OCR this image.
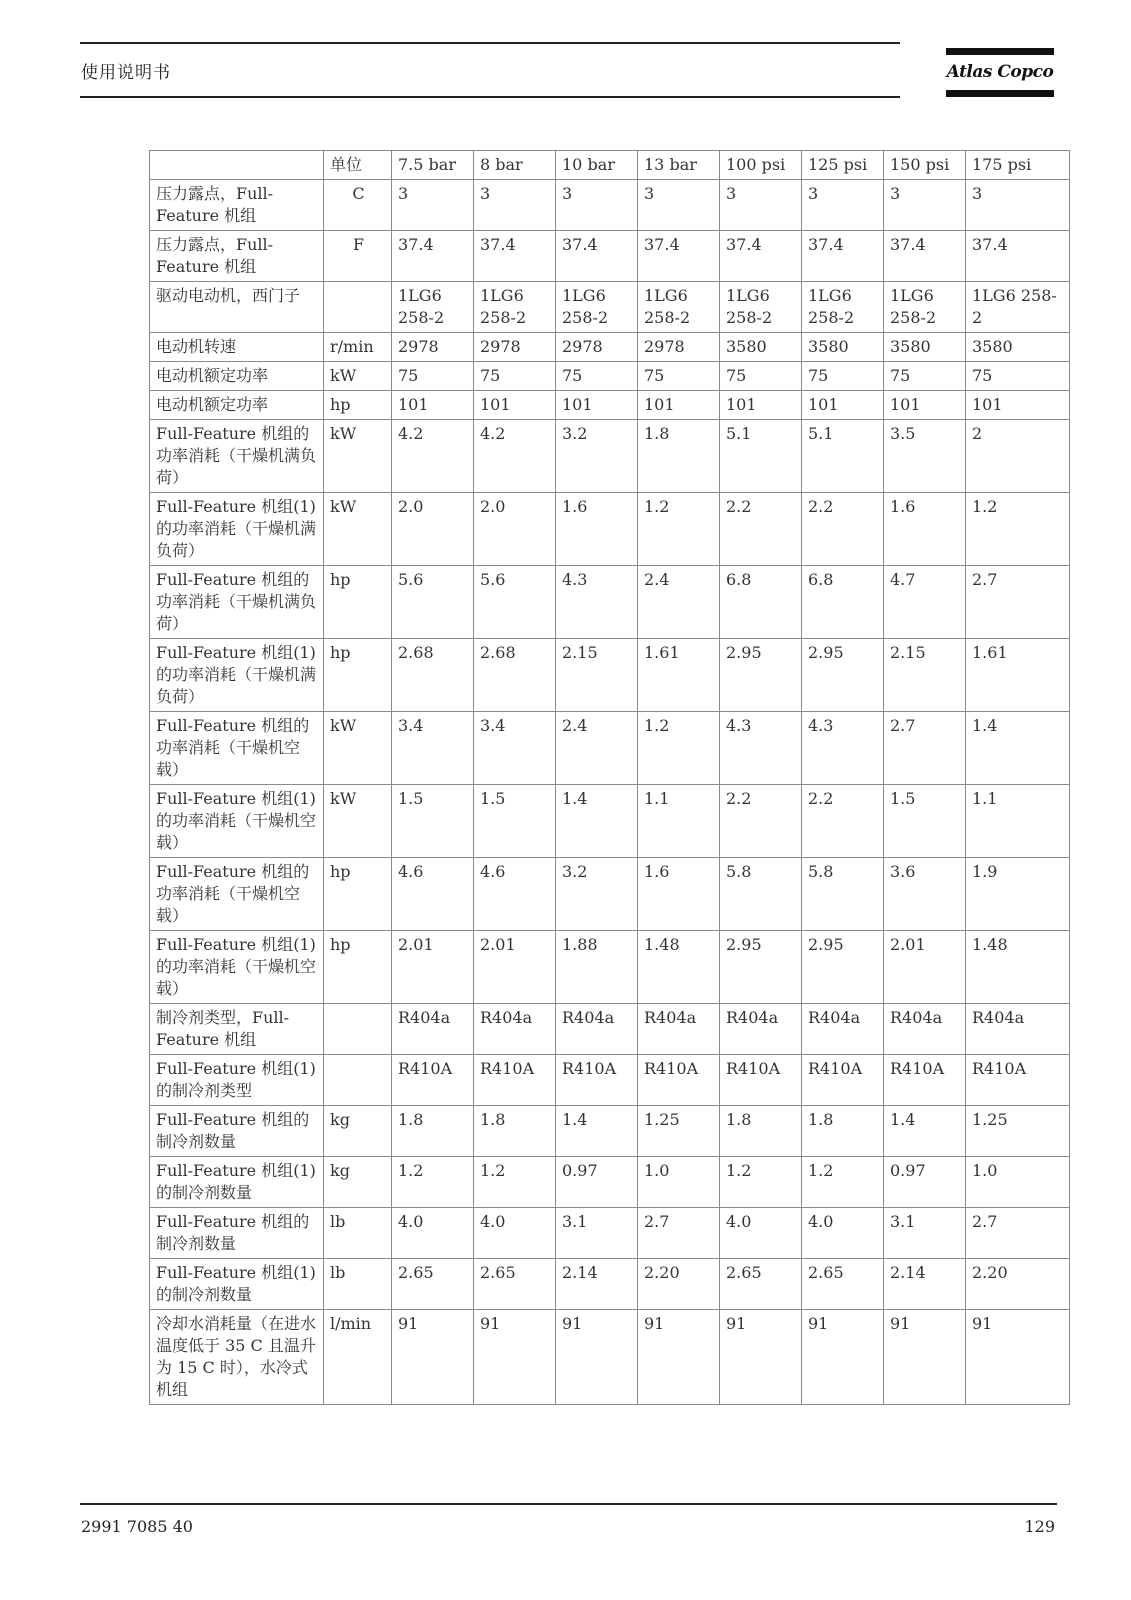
使用说明书	Atlas Copco
	单位	7.5 bar	8 bar	10 bar	13 bar	100 psi	125 psi	150 psi	175 psi
压力露点，Full-Feature 机组	C	3	3	3	3	3	3	3	3
压力露点，Full-Feature 机组	F	37.4	37.4	37.4	37.4	37.4	37.4	37.4	37.4
驱动电动机，西门子		1LG6 258-2	1LG6 258-2	1LG6 258-2	1LG6 258-2	1LG6 258-2	1LG6 258-2	1LG6 258-2	1LG6 258-2
电动机转速	r/min	2978	2978	2978	2978	3580	3580	3580	3580
电动机额定功率	kW	75	75	75	75	75	75	75	75
电动机额定功率	hp	101	101	101	101	101	101	101	101
Full-Feature 机组的功率消耗（干燥机满负荷）	kW	4.2	4.2	3.2	1.8	5.1	5.1	3.5	2
Full-Feature 机组(1) 的功率消耗（干燥机满负荷）	kW	2.0	2.0	1.6	1.2	2.2	2.2	1.6	1.2
Full-Feature 机组的功率消耗（干燥机满负荷）	hp	5.6	5.6	4.3	2.4	6.8	6.8	4.7	2.7
Full-Feature 机组(1) 的功率消耗（干燥机满负荷）	hp	2.68	2.68	2.15	1.61	2.95	2.95	2.15	1.61
Full-Feature 机组的功率消耗（干燥机空载）	kW	3.4	3.4	2.4	1.2	4.3	4.3	2.7	1.4
Full-Feature 机组(1) 的功率消耗（干燥机空载）	kW	1.5	1.5	1.4	1.1	2.2	2.2	1.5	1.1
Full-Feature 机组的功率消耗（干燥机空载）	hp	4.6	4.6	3.2	1.6	5.8	5.8	3.6	1.9
Full-Feature 机组(1) 的功率消耗（干燥机空载）	hp	2.01	2.01	1.88	1.48	2.95	2.95	2.01	1.48
制冷剂类型，Full-Feature 机组		R404a	R404a	R404a	R404a	R404a	R404a	R404a	R404a
Full-Feature 机组(1) 的制冷剂类型		R410A	R410A	R410A	R410A	R410A	R410A	R410A	R410A
Full-Feature 机组的制冷剂数量	kg	1.8	1.8	1.4	1.25	1.8	1.8	1.4	1.25
Full-Feature 机组(1) 的制冷剂数量	kg	1.2	1.2	0.97	1.0	1.2	1.2	0.97	1.0
Full-Feature 机组的制冷剂数量	lb	4.0	4.0	3.1	2.7	4.0	4.0	3.1	2.7
Full-Feature 机组(1) 的制冷剂数量	lb	2.65	2.65	2.14	2.20	2.65	2.65	2.14	2.20
冷却水消耗量（在进水温度低于 35 C 且温升为 15 C 时），水冷式机组	l/min	91	91	91	91	91	91	91	91
2991 7085 40	129
